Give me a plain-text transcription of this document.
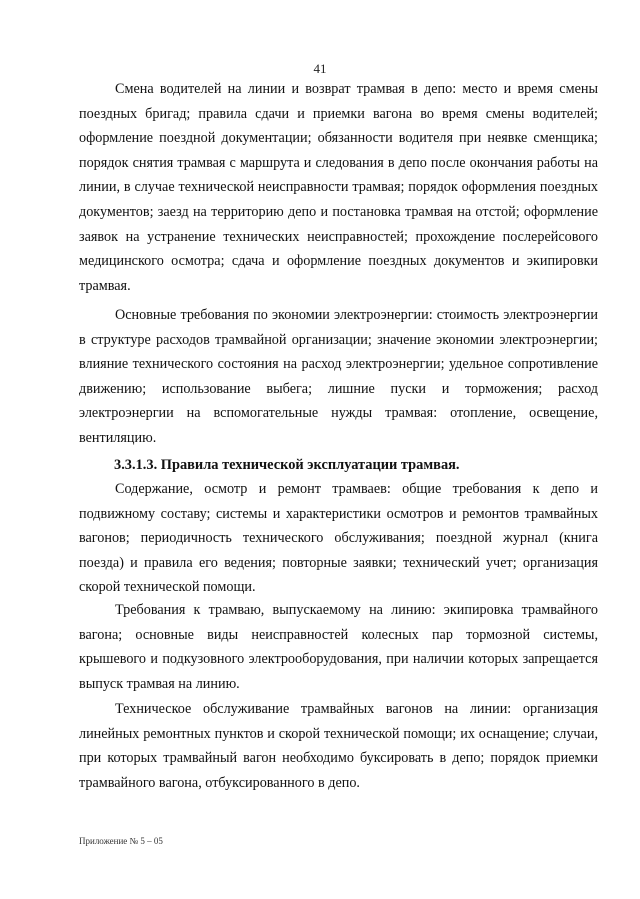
41

Смена водителей на линии и возврат трамвая в депо: место и время смены поездных бригад; правила сдачи и приемки вагона во время смены водителей; оформление поездной документации; обязанности водителя при неявке сменщика; порядок снятия трамвая с маршрута и следования в депо после окончания работы на линии, в случае технической неисправности трамвая; порядок оформления поездных документов; заезд на территорию депо и постановка трамвая на отстой; оформление заявок на устранение технических неисправностей; прохождение послерейсового медицинского осмотра; сдача и оформление поездных документов и экипировки трамвая.

Основные требования по экономии электроэнергии: стоимость электроэнергии в структуре расходов трамвайной организации; значение экономии электроэнергии; влияние технического состояния на расход электроэнергии; удельное сопротивление движению; использование выбега; лишние пуски и торможения; расход электроэнергии на вспомогательные нужды трамвая: отопление, освещение, вентиляцию.

3.3.1.3. Правила технической эксплуатации трамвая.

Содержание, осмотр и ремонт трамваев: общие требования к депо и подвижному составу; системы и характеристики осмотров и ремонтов трамвайных вагонов; периодичность технического обслуживания; поездной журнал (книга поезда) и правила его ведения; повторные заявки; технический учет; организация скорой технической помощи.

Требования к трамваю, выпускаемому на линию: экипировка трамвайного вагона; основные виды неисправностей колесных пар тормозной системы, крышевого и подкузовного электрооборудования, при наличии которых запрещается выпуск трамвая на линию.

Техническое обслуживание трамвайных вагонов на линии: организация линейных ремонтных пунктов и скорой технической помощи; их оснащение; случаи, при которых трамвайный вагон необходимо буксировать в депо; порядок приемки трамвайного вагона, отбуксированного в депо.

Приложение № 5 – 05
